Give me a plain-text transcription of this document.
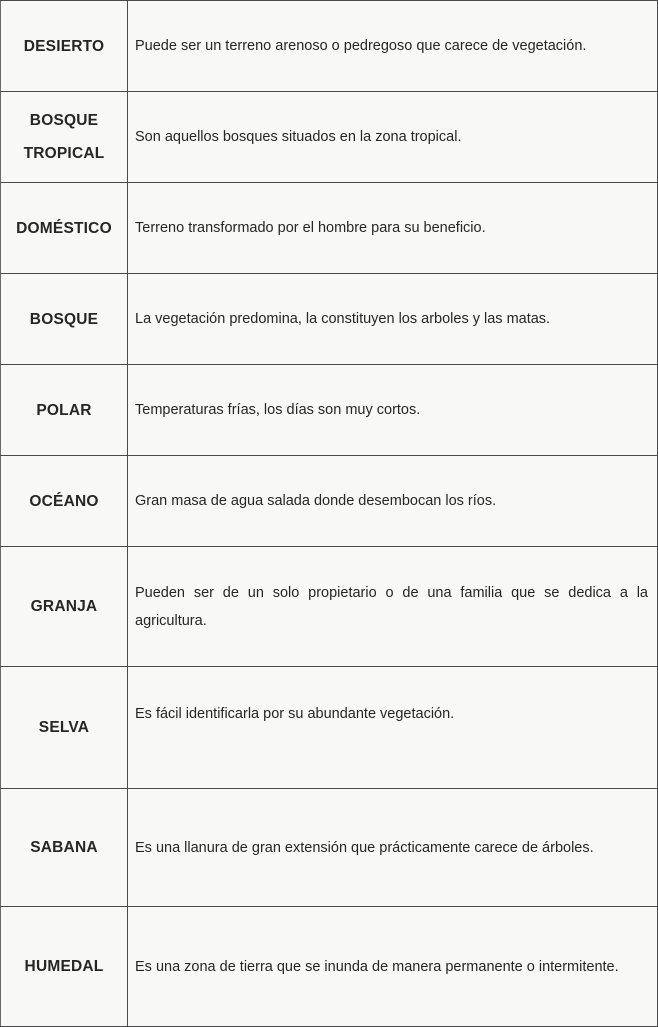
DESIERTO	Puede ser un terreno arenoso o pedregoso que carece de vegetación.

BOSQUE TROPICAL	Son aquellos bosques situados en la zona tropical.

DOMÉSTICO	Terreno transformado por el hombre para su beneficio.

BOSQUE	La vegetación predomina, la constituyen los arboles y las matas.

POLAR	Temperaturas frías, los días son muy cortos.

OCÉANO	Gran masa de agua salada donde desembocan los ríos.

GRANJA	Pueden ser de un solo propietario o de una familia que se dedica a la agricultura.

SELVA	Es fácil identificarla por su abundante vegetación.

SABANA	Es una llanura de gran extensión que prácticamente carece de árboles.

HUMEDAL	Es una zona de tierra que se inunda de manera permanente o intermitente.
